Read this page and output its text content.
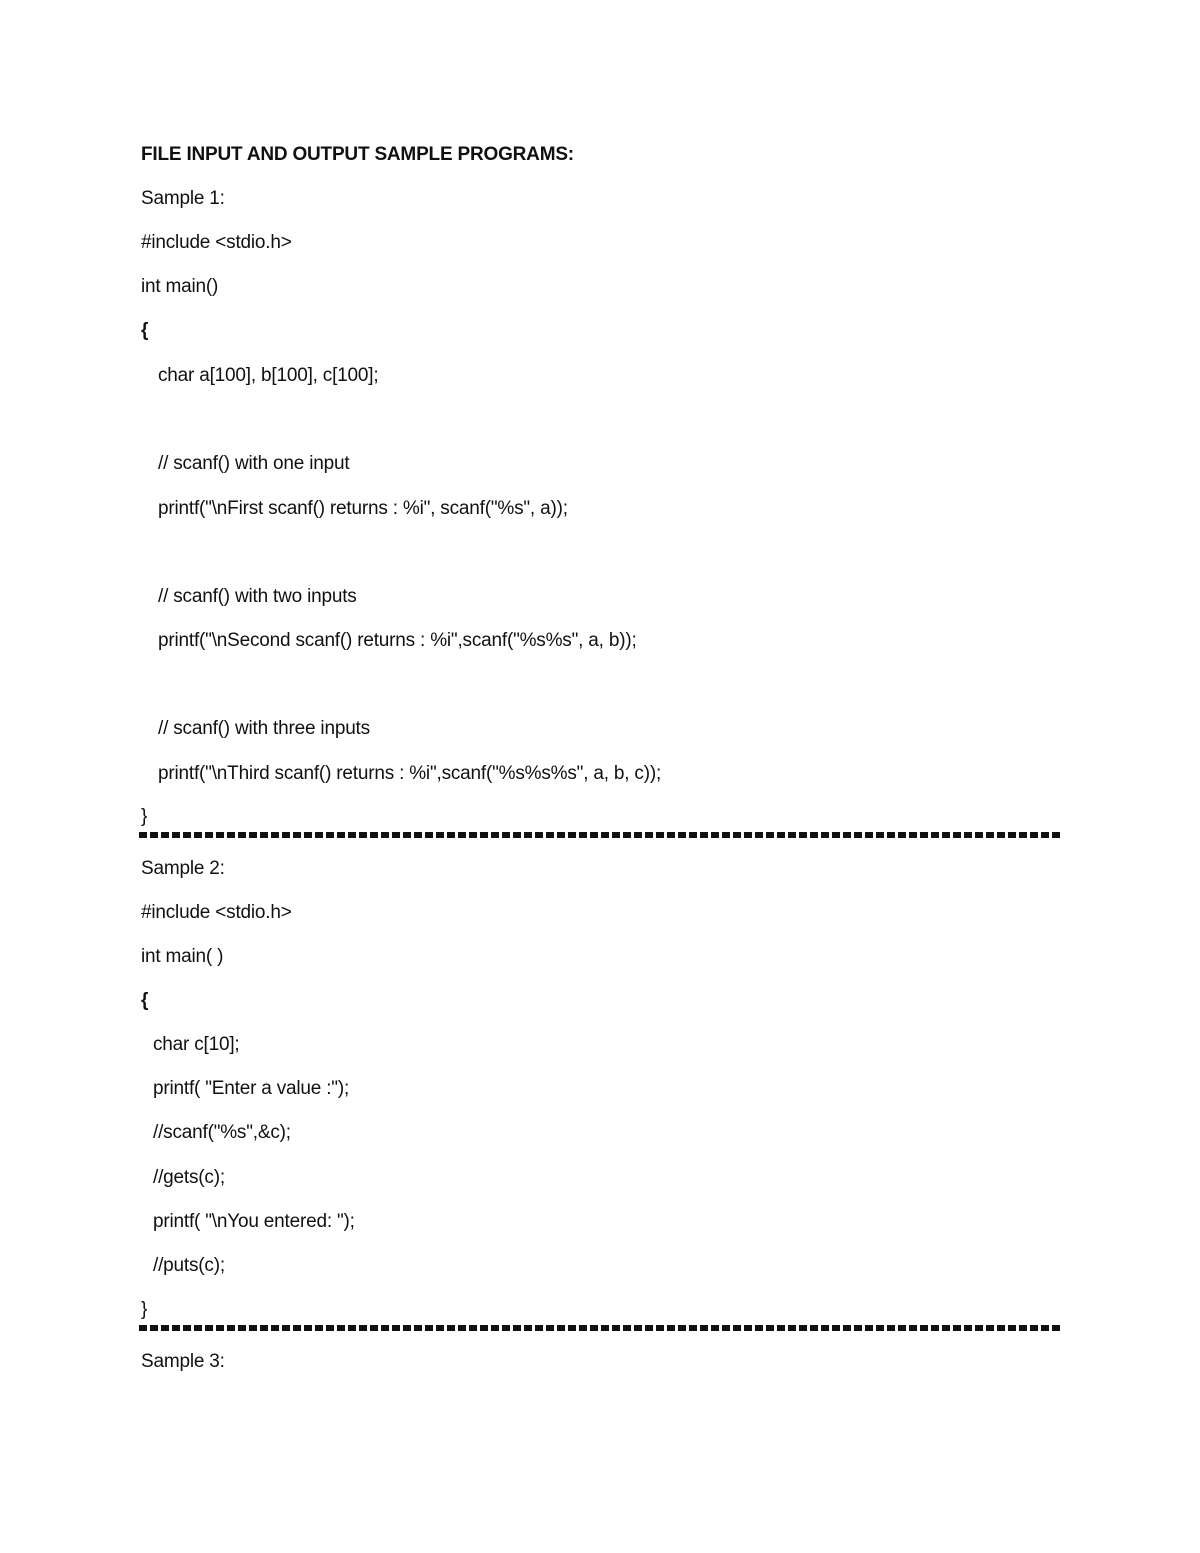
FILE INPUT AND OUTPUT SAMPLE PROGRAMS:
Sample 1:
#include <stdio.h>
int main()
{
char a[100], b[100], c[100];
// scanf() with one input
printf("\nFirst scanf() returns : %i", scanf("%s", a));
// scanf() with two inputs
printf("\nSecond scanf() returns : %i",scanf("%s%s", a, b));
// scanf() with three inputs
printf("\nThird scanf() returns : %i",scanf("%s%s%s", a, b, c));
}
Sample 2:
#include <stdio.h>
int main( )
{
char c[10];
printf( "Enter a value :");
//scanf("%s",&c);
//gets(c);
printf( "\nYou entered: ");
//puts(c);
}
Sample 3:
